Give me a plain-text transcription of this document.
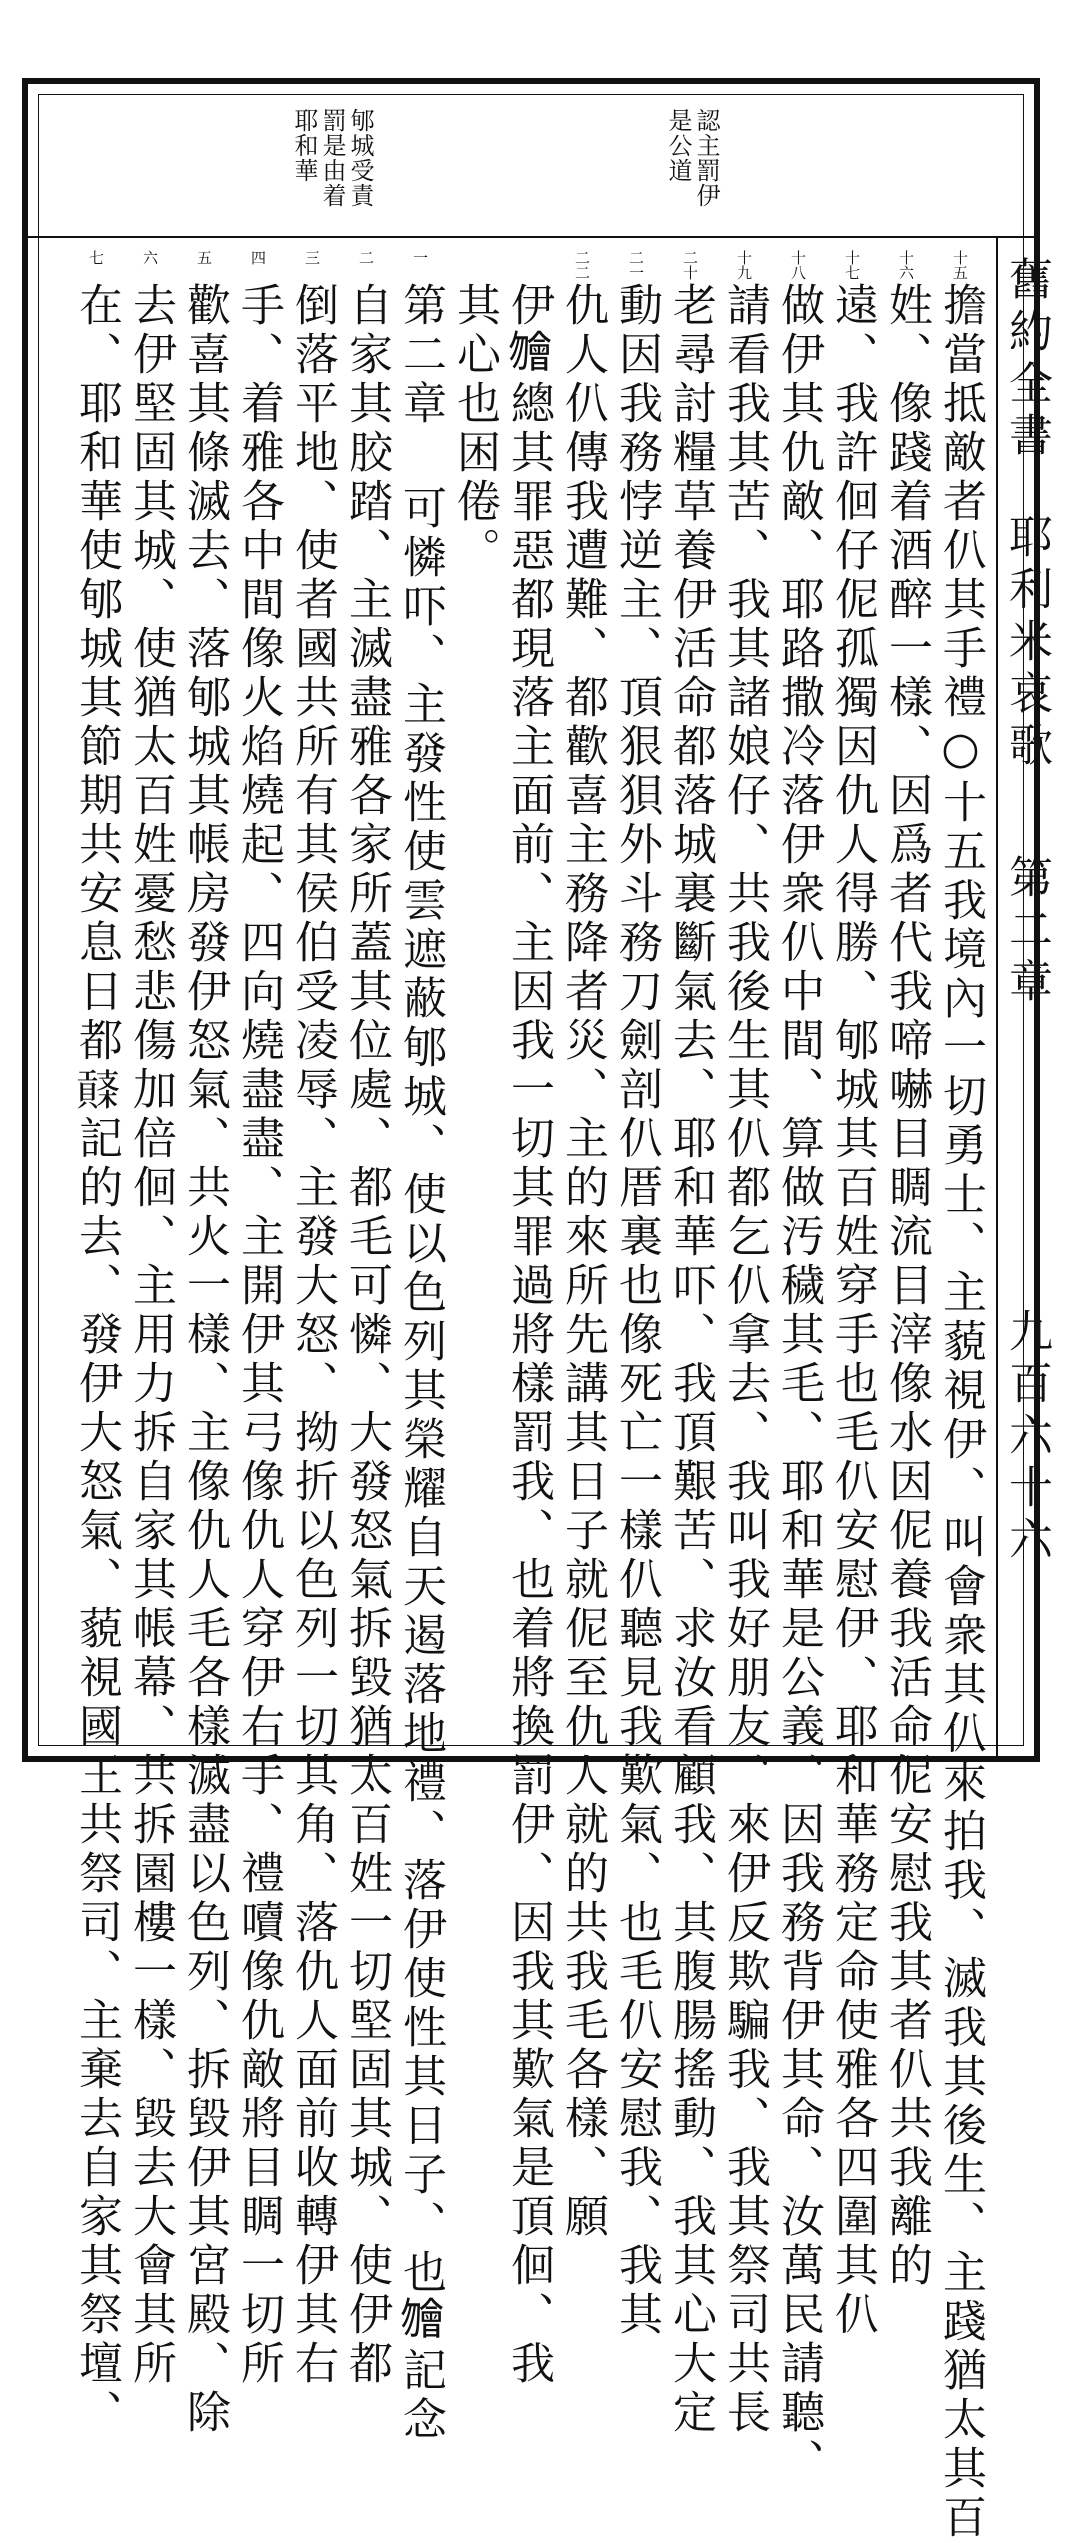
認主罰伊
是公道
郇城受責
罰是由着
耶和華
舊約全書
耶利米哀歌
第二章
九百六十六
十五
十六
十七
十八
十九
二十
二一
二二
一
二
三
四
五
六
七
擔當抵敵者仈其手禮○十五我境內一切勇士、主藐視伊、叫會衆其仈來拍我、滅我其後生、主踐猶太其百
姓、像踐着酒醉一樣、因爲者代我啼嚇目睭流目滓像水因伲養我活命伲安慰我其者仈共我離的
遠、我許佪仔伲孤獨因仇人得勝、郇城其百姓穿手也毛仈安慰伊、耶和華務定命使雅各四圍其仈
做伊其仇敵、耶路撒冷落伊衆仈中間、算做汚穢其毛、耶和華是公義、因我務背伊其命、汝萬民請聽、
請看我其苦、我其諸娘仔、共我後生其仈都乞仈拿去、我叫我好朋友、來伊反欺騙我、我其祭司共長
老尋討糧草養伊活命都落城裏斷氣去、耶和華吓、我頂艱苦、求汝看顧我、其腹腸搖動、我其心大定
動因我務悖逆主、頂狠狽外斗務刀劍剖仈厝裏也像死亡一樣仈聽見我歎氣、也毛仈安慰我、我其
仇人仈傳我遭難、都歡喜主務降者災、主的來所先講其日子就伲至仇人就的共我毛各樣、願
伊𣍐總其罪惡都現落主面前、主因我一切其罪過將樣罰我、也着將換罰伊、因我其歎氣是頂佪、我
其心也困倦。
第二章 可憐吓、主發性使雲遮蔽郇城、使以色列其榮耀自天遏落地禮、落伊使性其日子、也𣍐記念
自家其胶踏、主滅盡雅各家所蓋其位處、都毛可憐、大發怒氣拆毀猶太百姓一切堅固其城、使伊都
倒落平地、使者國共所有其侯伯受凌辱、主發大怒、拗折以色列一切其角、落仇人面前收轉伊其右
手、着雅各中間像火焰燒起、四向燒盡盡、主開伊其弓像仇人穿伊右手、禮𡂝像仇敵將目睭一切所
歡喜其條滅去、落郇城其帳房發伊怒氣、共火一樣、主像仇人毛各樣滅盡以色列、拆毀伊其宮殿、除
去伊堅固其城、使猶太百姓憂愁悲傷加倍佪、主用力拆自家其帳幕、共拆園樓一樣、毀去大會其所
在、耶和華使郇城其節期共安息日都𧷱記的去、發伊大怒氣、藐視國王共祭司、主棄去自家其祭壇、
